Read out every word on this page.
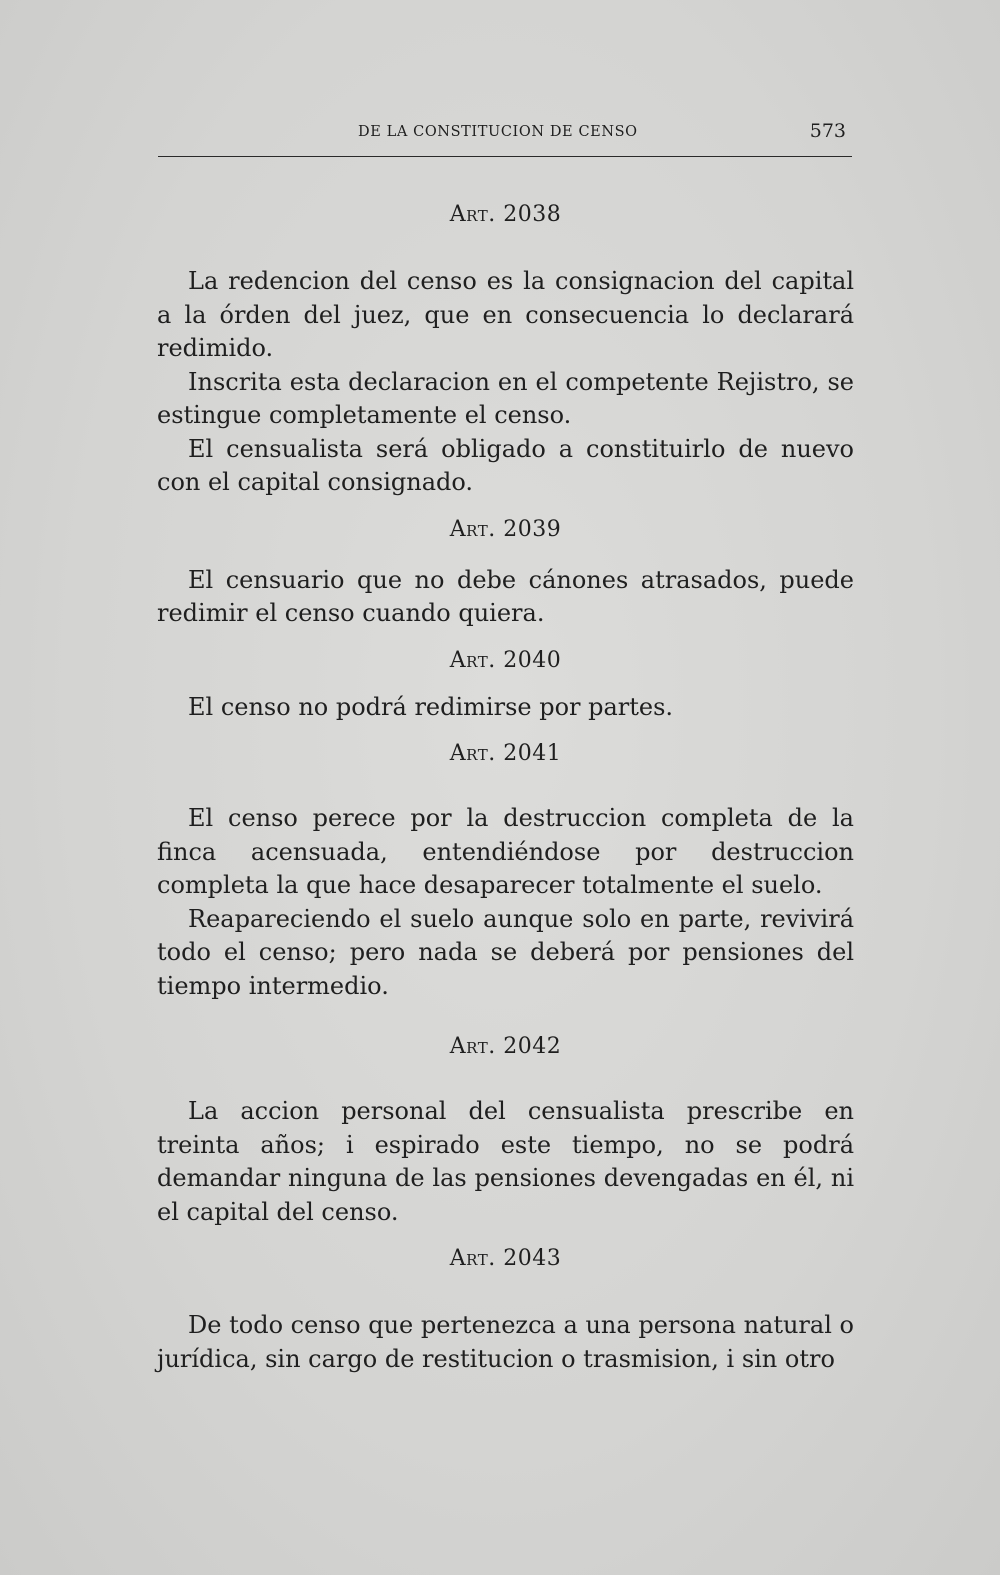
DE LA CONSTITUCION DE CENSO	573
Art. 2038

La redencion del censo es la consignacion del capital a la órden del juez, que en consecuencia lo declarará redimido.

Inscrita esta declaracion en el competente Rejistro, se estingue completamente el censo.

El censualista será obligado a constituirlo de nuevo con el capital consignado.

Art. 2039

El censuario que no debe cánones atrasados, puede redimir el censo cuando quiera.

Art. 2040

El censo no podrá redimirse por partes.

Art. 2041

El censo perece por la destruccion completa de la finca acensuada, entendiéndose por destruccion completa la que hace desaparecer totalmente el suelo.

Reapareciendo el suelo aunque solo en parte, revivirá todo el censo; pero nada se deberá por pensiones del tiempo intermedio.

Art. 2042

La accion personal del censualista prescribe en treinta años; i espirado este tiempo, no se podrá demandar ninguna de las pensiones devengadas en él, ni el capital del censo.

Art. 2043

De todo censo que pertenezca a una persona natural o jurídica, sin cargo de restitucion o trasmision, i sin otro
